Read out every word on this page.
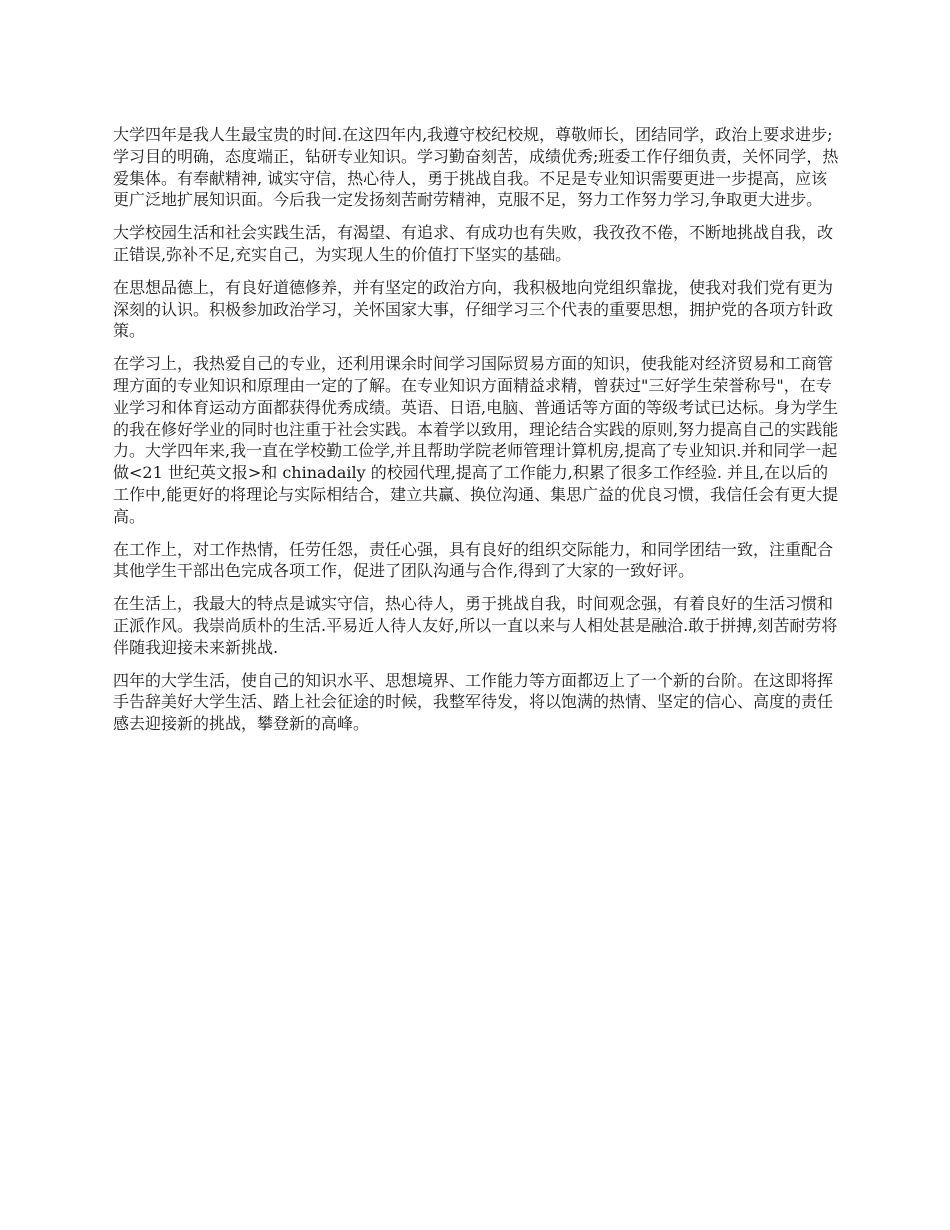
大学四年是我人生最宝贵的时间.在这四年内,我遵守校纪校规，尊敬师长，团结同学，政治上要求进步;学习目的明确，态度端正，钻研专业知识。学习勤奋刻苦，成绩优秀;班委工作仔细负责，关怀同学，热爱集体。有奉献精神, 诚实守信，热心待人，勇于挑战自我。不足是专业知识需要更进一步提高，应该更广泛地扩展知识面。今后我一定发扬刻苦耐劳精神，克服不足，努力工作努力学习,争取更大进步。

大学校园生活和社会实践生活，有渴望、有追求、有成功也有失败，我孜孜不倦，不断地挑战自我，改正错误,弥补不足,充实自己，为实现人生的价值打下坚实的基础。

在思想品德上，有良好道德修养，并有坚定的政治方向，我积极地向党组织靠拢，使我对我们党有更为深刻的认识。积极参加政治学习，关怀国家大事，仔细学习三个代表的重要思想，拥护党的各项方针政策。

在学习上，我热爱自己的专业，还利用课余时间学习国际贸易方面的知识，使我能对经济贸易和工商管理方面的专业知识和原理由一定的了解。在专业知识方面精益求精，曾获过"三好学生荣誉称号"，在专业学习和体育运动方面都获得优秀成绩。英语、日语,电脑、普通话等方面的等级考试已达标。身为学生的我在修好学业的同时也注重于社会实践。本着学以致用，理论结合实践的原则,努力提高自己的实践能力。大学四年来,我一直在学校勤工俭学,并且帮助学院老师管理计算机房,提高了专业知识.并和同学一起做<21 世纪英文报>和 chinadaily 的校园代理,提高了工作能力,积累了很多工作经验. 并且,在以后的工作中,能更好的将理论与实际相结合，建立共赢、换位沟通、集思广益的优良习惯，我信任会有更大提高。

在工作上，对工作热情，任劳任怨，责任心强，具有良好的组织交际能力，和同学团结一致，注重配合其他学生干部出色完成各项工作，促进了团队沟通与合作,得到了大家的一致好评。

在生活上，我最大的特点是诚实守信，热心待人，勇于挑战自我，时间观念强，有着良好的生活习惯和正派作风。我崇尚质朴的生活.平易近人待人友好,所以一直以来与人相处甚是融洽.敢于拼搏,刻苦耐劳将伴随我迎接未来新挑战.

四年的大学生活，使自己的知识水平、思想境界、工作能力等方面都迈上了一个新的台阶。在这即将挥手告辞美好大学生活、踏上社会征途的时候，我整军待发，将以饱满的热情、坚定的信心、高度的责任感去迎接新的挑战，攀登新的高峰。
